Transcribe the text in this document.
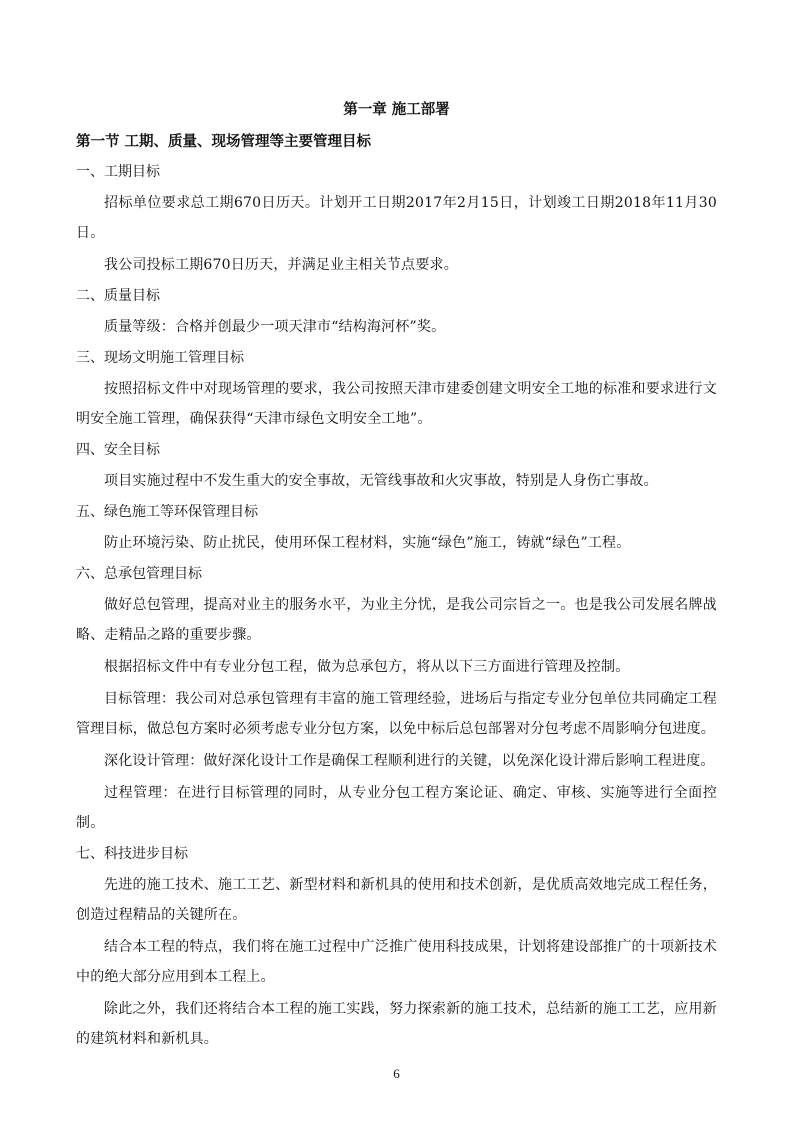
第一章 施工部署
第一节 工期、质量、现场管理等主要管理目标
一、工期目标

招标单位要求总工期670日历天。计划开工日期2017年2月15日，计划竣工日期2018年11月30日。

我公司投标工期670日历天，并满足业主相关节点要求。

二、质量目标

质量等级：合格并创最少一项天津市“结构海河杯”奖。

三、现场文明施工管理目标

按照招标文件中对现场管理的要求，我公司按照天津市建委创建文明安全工地的标准和要求进行文明安全施工管理，确保获得“天津市绿色文明安全工地”。

四、安全目标

项目实施过程中不发生重大的安全事故，无管线事故和火灾事故，特别是人身伤亡事故。

五、绿色施工等环保管理目标

防止环境污染、防止扰民，使用环保工程材料，实施“绿色”施工，铸就“绿色”工程。

六、总承包管理目标

做好总包管理，提高对业主的服务水平，为业主分忧，是我公司宗旨之一。也是我公司发展名牌战略、走精品之路的重要步骤。

根据招标文件中有专业分包工程，做为总承包方，将从以下三方面进行管理及控制。

目标管理：我公司对总承包管理有丰富的施工管理经验，进场后与指定专业分包单位共同确定工程管理目标，做总包方案时必须考虑专业分包方案，以免中标后总包部署对分包考虑不周影响分包进度。

深化设计管理：做好深化设计工作是确保工程顺利进行的关键，以免深化设计滞后影响工程进度。

过程管理：在进行目标管理的同时，从专业分包工程方案论证、确定、审核、实施等进行全面控制。

七、科技进步目标

先进的施工技术、施工工艺、新型材料和新机具的使用和技术创新，是优质高效地完成工程任务，创造过程精品的关键所在。

结合本工程的特点，我们将在施工过程中广泛推广使用科技成果，计划将建设部推广的十项新技术中的绝大部分应用到本工程上。

除此之外，我们还将结合本工程的施工实践，努力探索新的施工技术，总结新的施工工艺，应用新的建筑材料和新机具。

6
